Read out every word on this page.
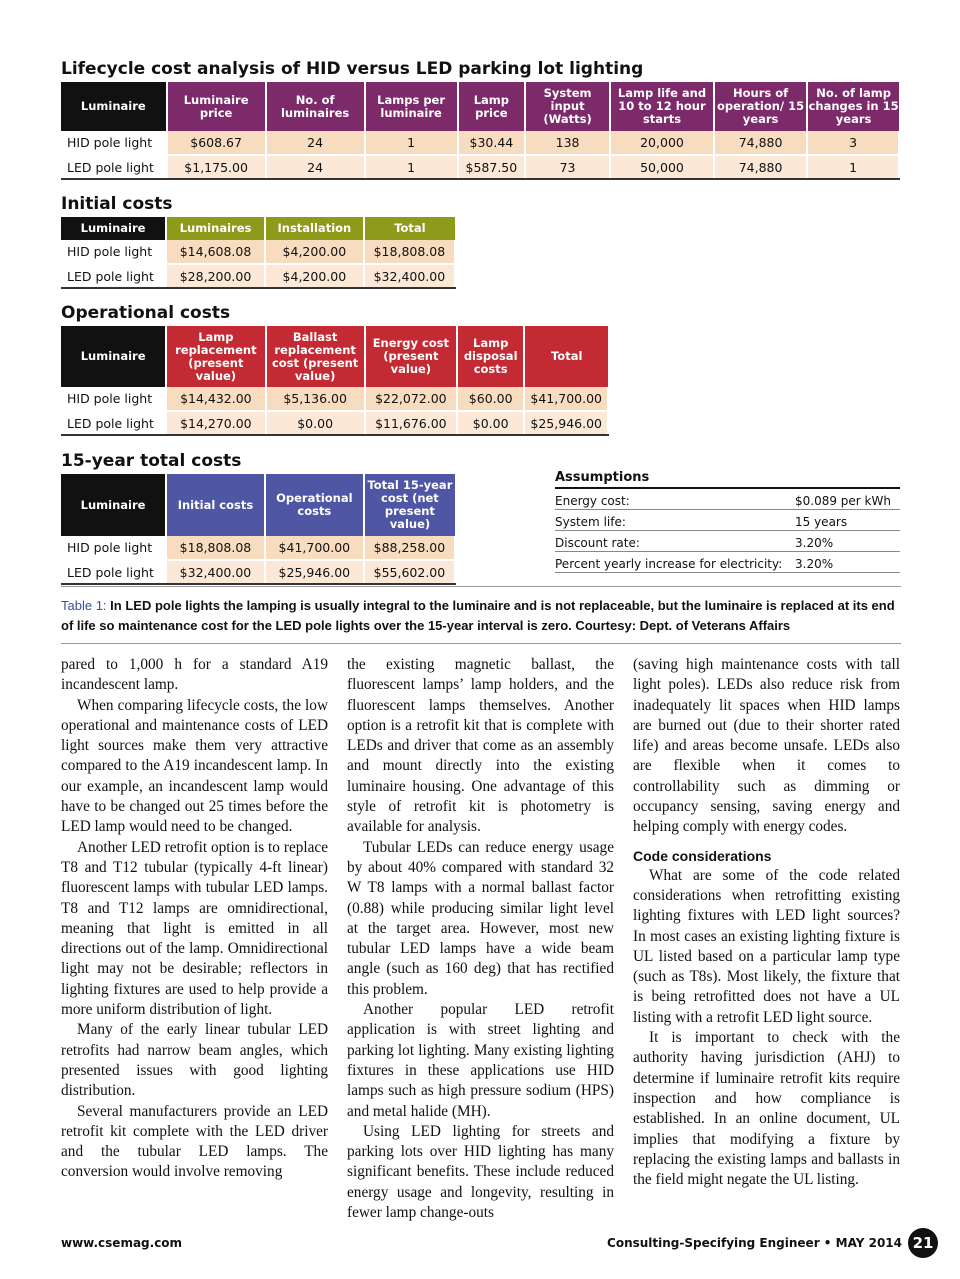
Lifecycle cost analysis of HID versus LED parking lot lighting
Luminaire	Luminaire price	No. of luminaires	Lamps per luminaire	Lamp price	System input (Watts)	Lamp life and 10 to 12 hour starts	Hours of operation/ 15 years	No. of lamp changes in 15 years
HID pole light	$608.67	24	1	$30.44	138	20,000	74,880	3
LED pole light	$1,175.00	24	1	$587.50	73	50,000	74,880	1
Initial costs
Luminaire	Luminaires	Installation	Total
HID pole light	$14,608.08	$4,200.00	$18,808.08
LED pole light	$28,200.00	$4,200.00	$32,400.00
Operational costs
Luminaire	Lamp replacement (present value)	Ballast replacement cost (present value)	Energy cost (present value)	Lamp disposal costs	Total
HID pole light	$14,432.00	$5,136.00	$22,072.00	$60.00	$41,700.00
LED pole light	$14,270.00	$0.00	$11,676.00	$0.00	$25,946.00
15-year total costs
Luminaire	Initial costs	Operational costs	Total 15-year cost (net present value)
HID pole light	$18,808.08	$41,700.00	$88,258.00
LED pole light	$32,400.00	$25,946.00	$55,602.00
Assumptions
Energy cost:	$0.089 per kWh
System life:	15 years
Discount rate:	3.20%
Percent yearly increase for electricity:	3.20%
Table 1: In LED pole lights the lamping is usually integral to the luminaire and is not replaceable, but the luminaire is replaced at its end of life so maintenance cost for the LED pole lights over the 15-year interval is zero. Courtesy: Dept. of Veterans Affairs

pared to 1,000 h for a standard A19 incandescent lamp.

When comparing lifecycle costs, the low operational and maintenance costs of LED light sources make them very attractive compared to the A19 incandescent lamp. In our example, an incandescent lamp would have to be changed out 25 times before the LED lamp would need to be changed.

Another LED retrofit option is to replace T8 and T12 tubular (typically 4-ft linear) fluorescent lamps with tubular LED lamps. T8 and T12 lamps are omnidirectional, meaning that light is emitted in all directions out of the lamp. Omnidirectional light may not be desirable; reflectors in lighting fixtures are used to help provide a more uniform distribution of light.

Many of the early linear tubular LED retrofits had narrow beam angles, which presented issues with good lighting distribution.

Several manufacturers provide an LED retrofit kit complete with the LED driver and the tubular LED lamps. The conversion would involve removing

the existing magnetic ballast, the fluorescent lamps’ lamp holders, and the fluorescent lamps themselves. Another option is a retrofit kit that is complete with LEDs and driver that come as an assembly and mount directly into the existing luminaire housing. One advantage of this style of retrofit kit is photometry is available for analysis.

Tubular LEDs can reduce energy usage by about 40% compared with standard 32 W T8 lamps with a normal ballast factor (0.88) while producing similar light level at the target area. However, most new tubular LED lamps have a wide beam angle (such as 160 deg) that has rectified this problem.

Another popular LED retrofit application is with street lighting and parking lot lighting. Many existing lighting fixtures in these applications use HID lamps such as high pressure sodium (HPS) and metal halide (MH).

Using LED lighting for streets and parking lots over HID lighting has many significant benefits. These include reduced energy usage and longevity, resulting in fewer lamp change-outs

(saving high maintenance costs with tall light poles). LEDs also reduce risk from inadequately lit spaces when HID lamps are burned out (due to their shorter rated life) and areas become unsafe. LEDs also are flexible when it comes to controllability such as dimming or occupancy sensing, saving energy and helping comply with energy codes.

Code considerations

What are some of the code related considerations when retrofitting existing lighting fixtures with LED light sources? In most cases an existing lighting fixture is UL listed based on a particular lamp type (such as T8s). Most likely, the fixture that is being retrofitted does not have a UL listing with a retrofit LED light source.

It is important to check with the authority having jurisdiction (AHJ) to determine if luminaire retrofit kits require inspection and how compliance is established. In an online document, UL implies that modifying a fixture by replacing the existing lamps and ballasts in the field might negate the UL listing.

www.csemag.com	Consulting-Specifying Engineer • MAY 2014 21
